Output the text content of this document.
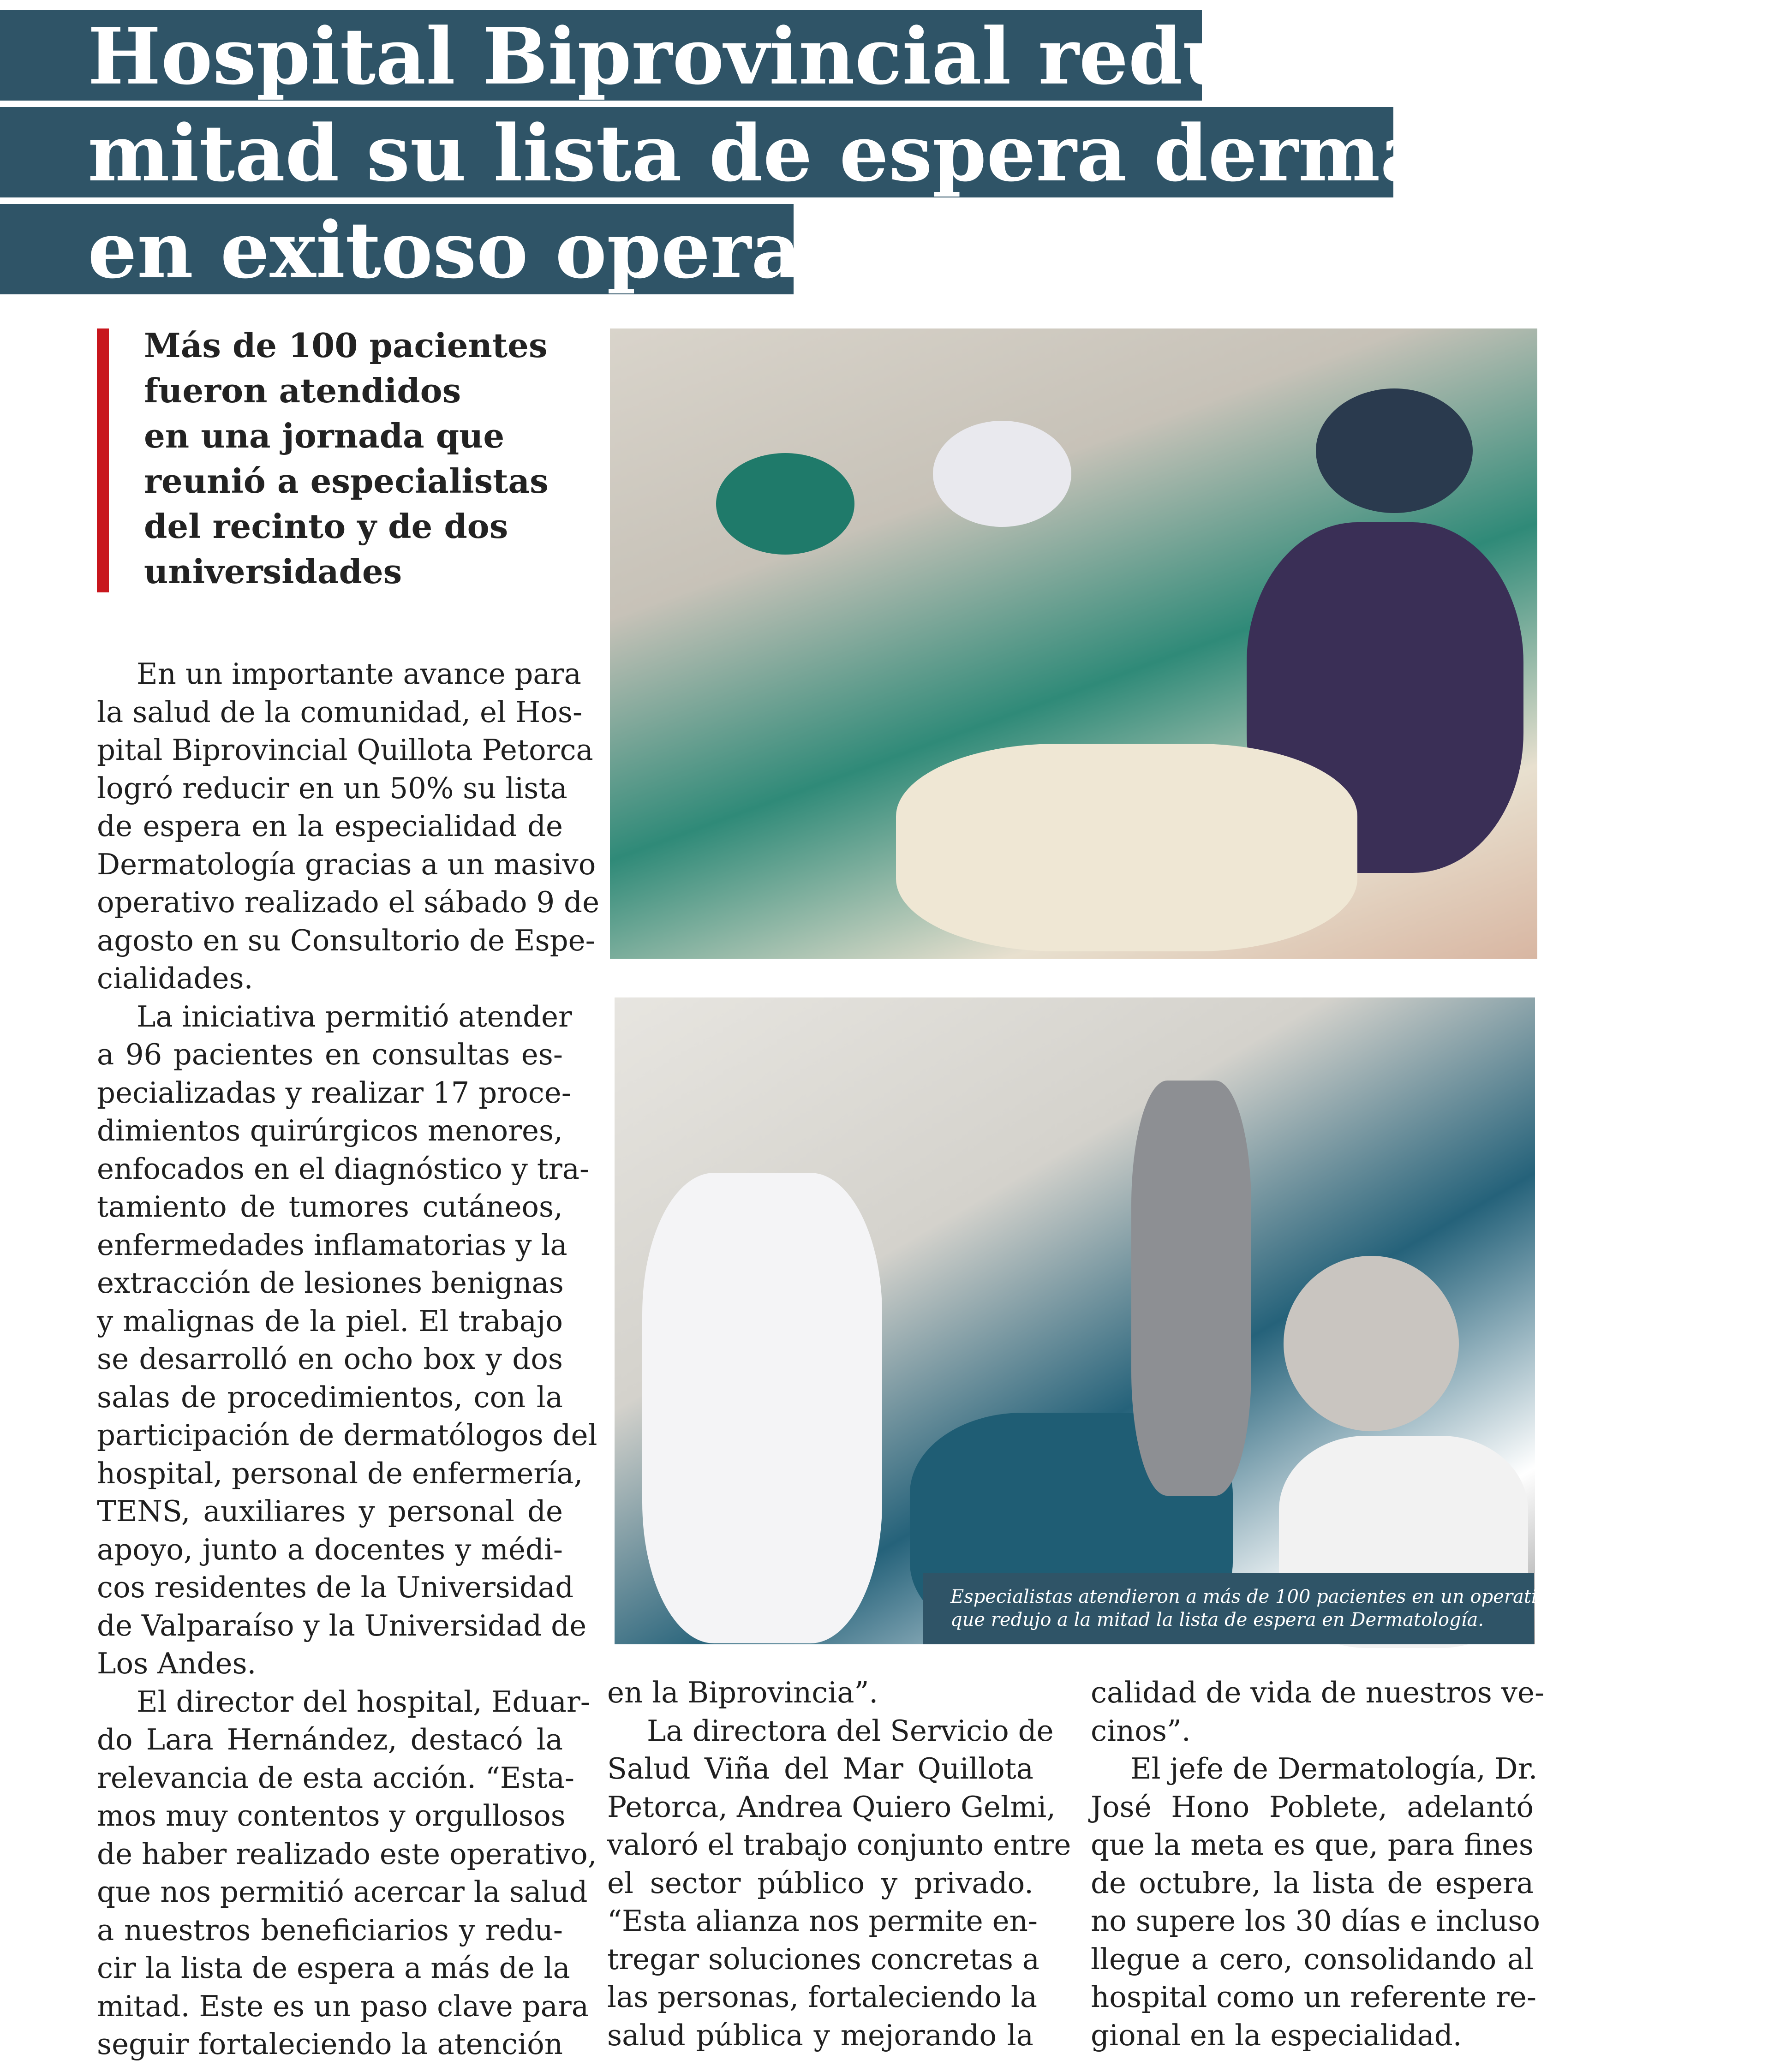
Hospital Biprovincial reduce a la
mitad su lista de espera dermatológica
en exitoso operativo
Más de 100 pacientes
fueron atendidos
en una jornada que
reunió a especialistas
del recinto y de dos
universidades
Especialistas atendieron a más de 100 pacientes en un operativo
que redujo a la mitad la lista de espera en Dermatología.
En un importante avance para
la salud de la comunidad, el Hos-
pital Biprovincial Quillota Petorca
logró reducir en un 50% su lista
de espera en la especialidad de
Dermatología gracias a un masivo
operativo realizado el sábado 9 de
agosto en su Consultorio de Espe-
cialidades.
La iniciativa permitió atender
a 96 pacientes en consultas es-
pecializadas y realizar 17 proce-
dimientos quirúrgicos menores,
enfocados en el diagnóstico y tra-
tamiento de tumores cutáneos,
enfermedades inflamatorias y la
extracción de lesiones benignas
y malignas de la piel. El trabajo
se desarrolló en ocho box y dos
salas de procedimientos, con la
participación de dermatólogos del
hospital, personal de enfermería,
TENS, auxiliares y personal de
apoyo, junto a docentes y médi-
cos residentes de la Universidad
de Valparaíso y la Universidad de
Los Andes.
El director del hospital, Eduar-
do Lara Hernández, destacó la
relevancia de esta acción. “Esta-
mos muy contentos y orgullosos
de haber realizado este operativo,
que nos permitió acercar la salud
a nuestros beneficiarios y redu-
cir la lista de espera a más de la
mitad. Este es un paso clave para
seguir fortaleciendo la atención
en la Biprovincia”.
La directora del Servicio de
Salud Viña del Mar Quillota
Petorca, Andrea Quiero Gelmi,
valoró el trabajo conjunto entre
el sector público y privado.
“Esta alianza nos permite en-
tregar soluciones concretas a
las personas, fortaleciendo la
salud pública y mejorando la
calidad de vida de nuestros ve-
cinos”.
El jefe de Dermatología, Dr.
José Hono Poblete, adelantó
que la meta es que, para fines
de octubre, la lista de espera
no supere los 30 días e incluso
llegue a cero, consolidando al
hospital como un referente re-
gional en la especialidad.
